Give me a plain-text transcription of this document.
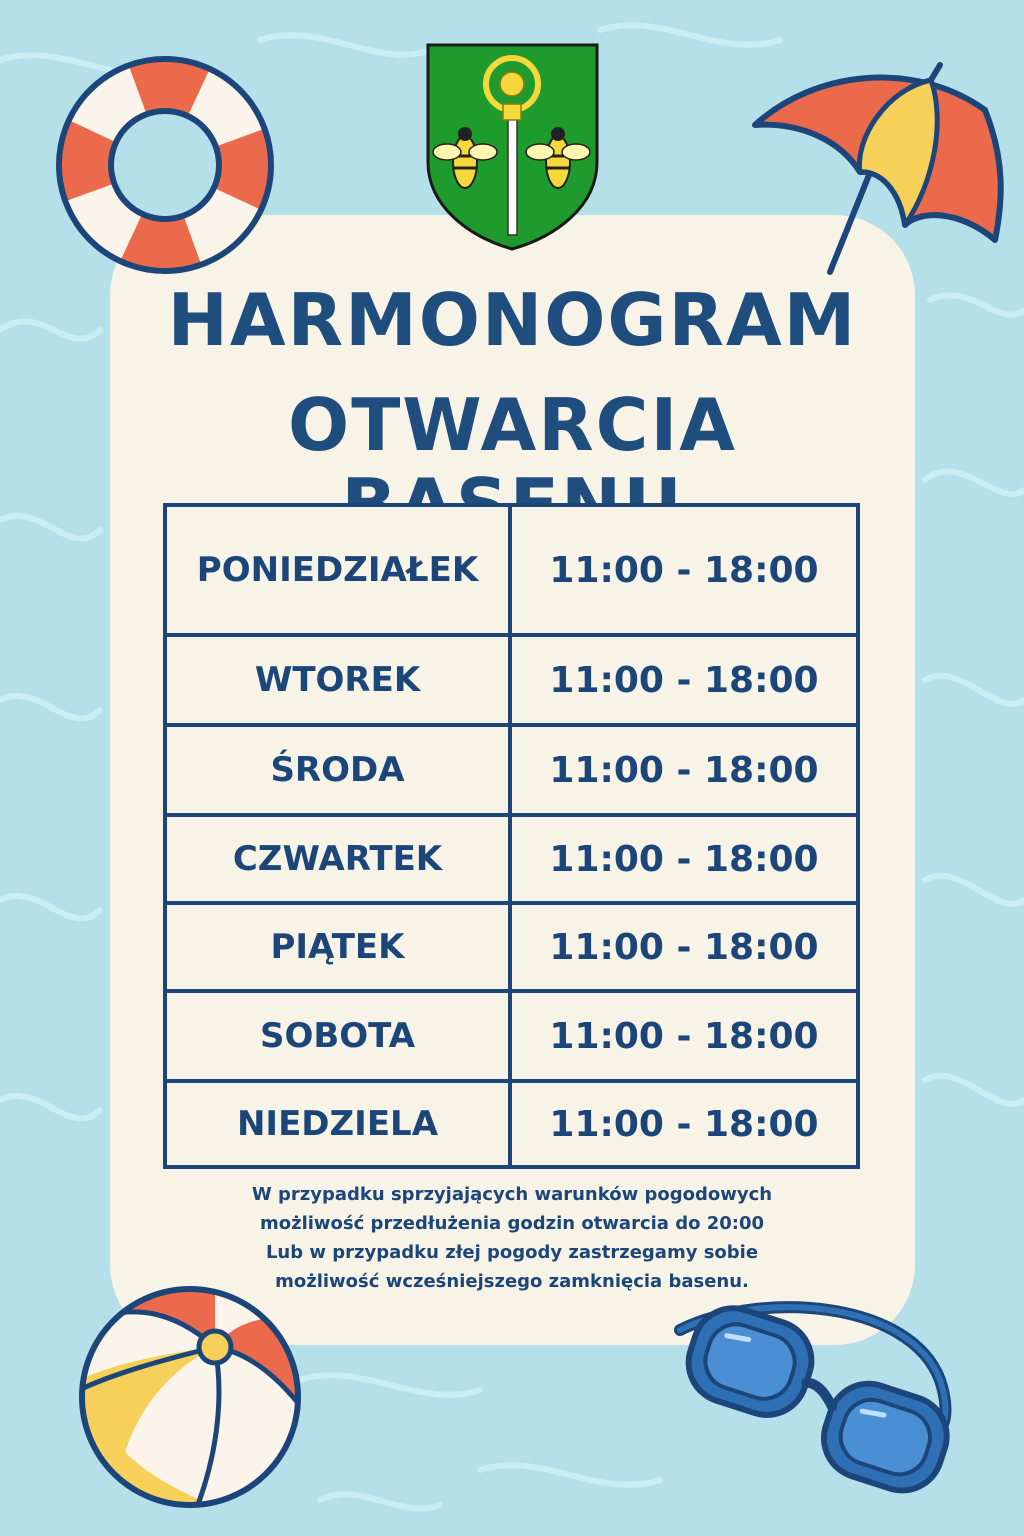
HARMONOGRAM
OTWARCIA
PONIEDZIAŁEK	11:00 - 18:00
WTOREK	11:00 - 18:00
ŚRODA	11:00 - 18:00
CZWARTEK	11:00 - 18:00
PIĄTEK	11:00 - 18:00
SOBOTA	11:00 - 18:00
NIEDZIELA	11:00 - 18:00

W przypadku sprzyjających warunków pogodowych

możliwość przedłużenia godzin otwarcia do 20:00

Lub w przypadku złej pogody zastrzegamy sobie

możliwość wcześniejszego zamknięcia basenu.
